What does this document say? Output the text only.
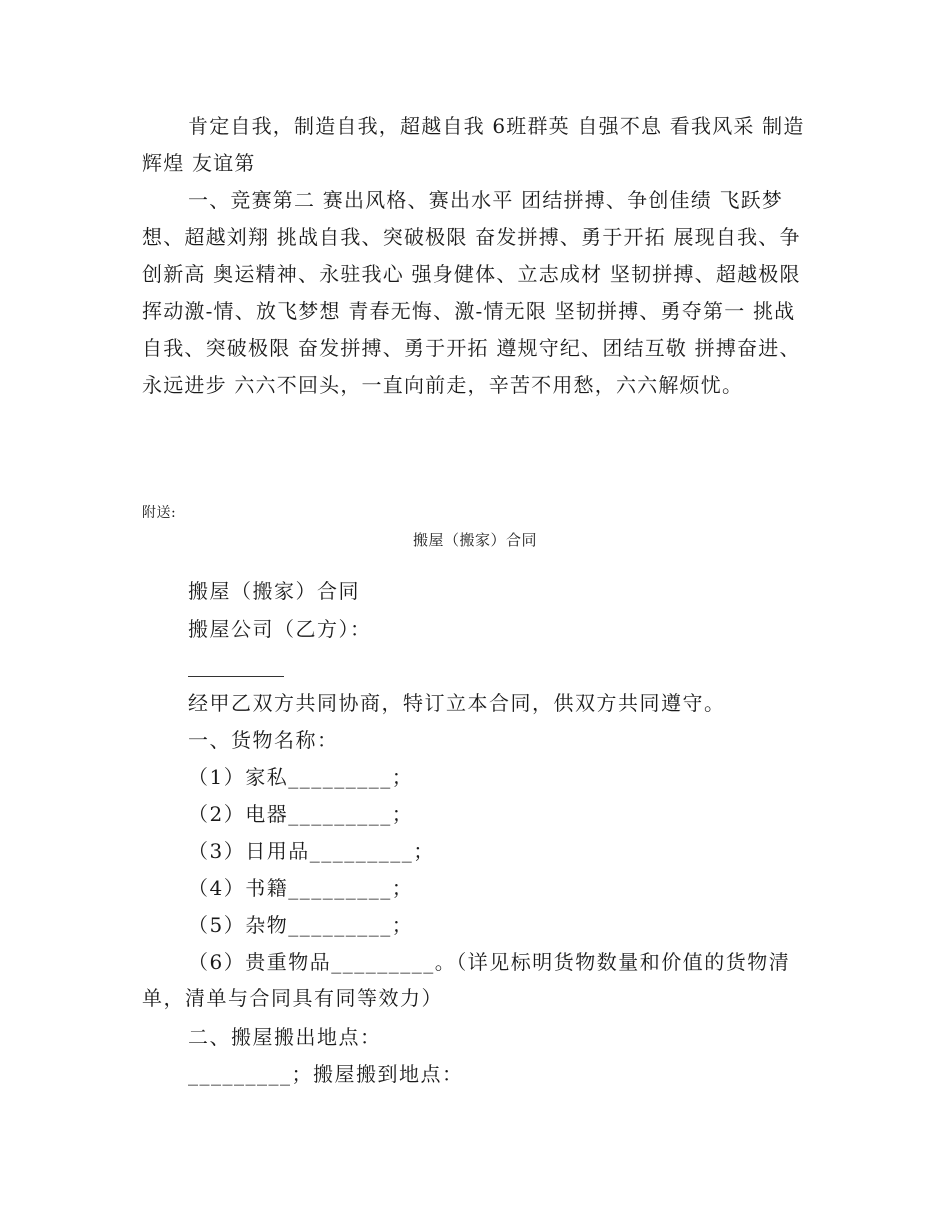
肯定自我，制造自我，超越自我 6班群英 自强不息 看我风采 制造辉煌 友谊第

一、竞赛第二 赛出风格、赛出水平 团结拼搏、争创佳绩 飞跃梦想、超越刘翔 挑战自我、突破极限 奋发拼搏、勇于开拓 展现自我、争创新高 奥运精神、永驻我心 强身健体、立志成材 坚韧拼搏、超越极限 挥动激-情、放飞梦想 青春无悔、激-情无限 坚韧拼搏、勇夺第一 挑战自我、突破极限 奋发拼搏、勇于开拓 遵规守纪、团结互敬 拼搏奋进、永远进步 六六不回头，一直向前走，辛苦不用愁，六六解烦忧。

附送:
搬屋（搬家）合同
搬屋（搬家）合同
搬屋公司（乙方）：
经甲乙双方共同协商，特订立本合同，供双方共同遵守。
一、货物名称：
（1）家私_________；
（2）电器_________；
（3）日用品_________；
（4）书籍_________；
（5）杂物_________；

（6）贵重物品_________。（详见标明货物数量和价值的货物清单，清单与合同具有同等效力）

二、搬屋搬出地点：
_________；搬屋搬到地点：
